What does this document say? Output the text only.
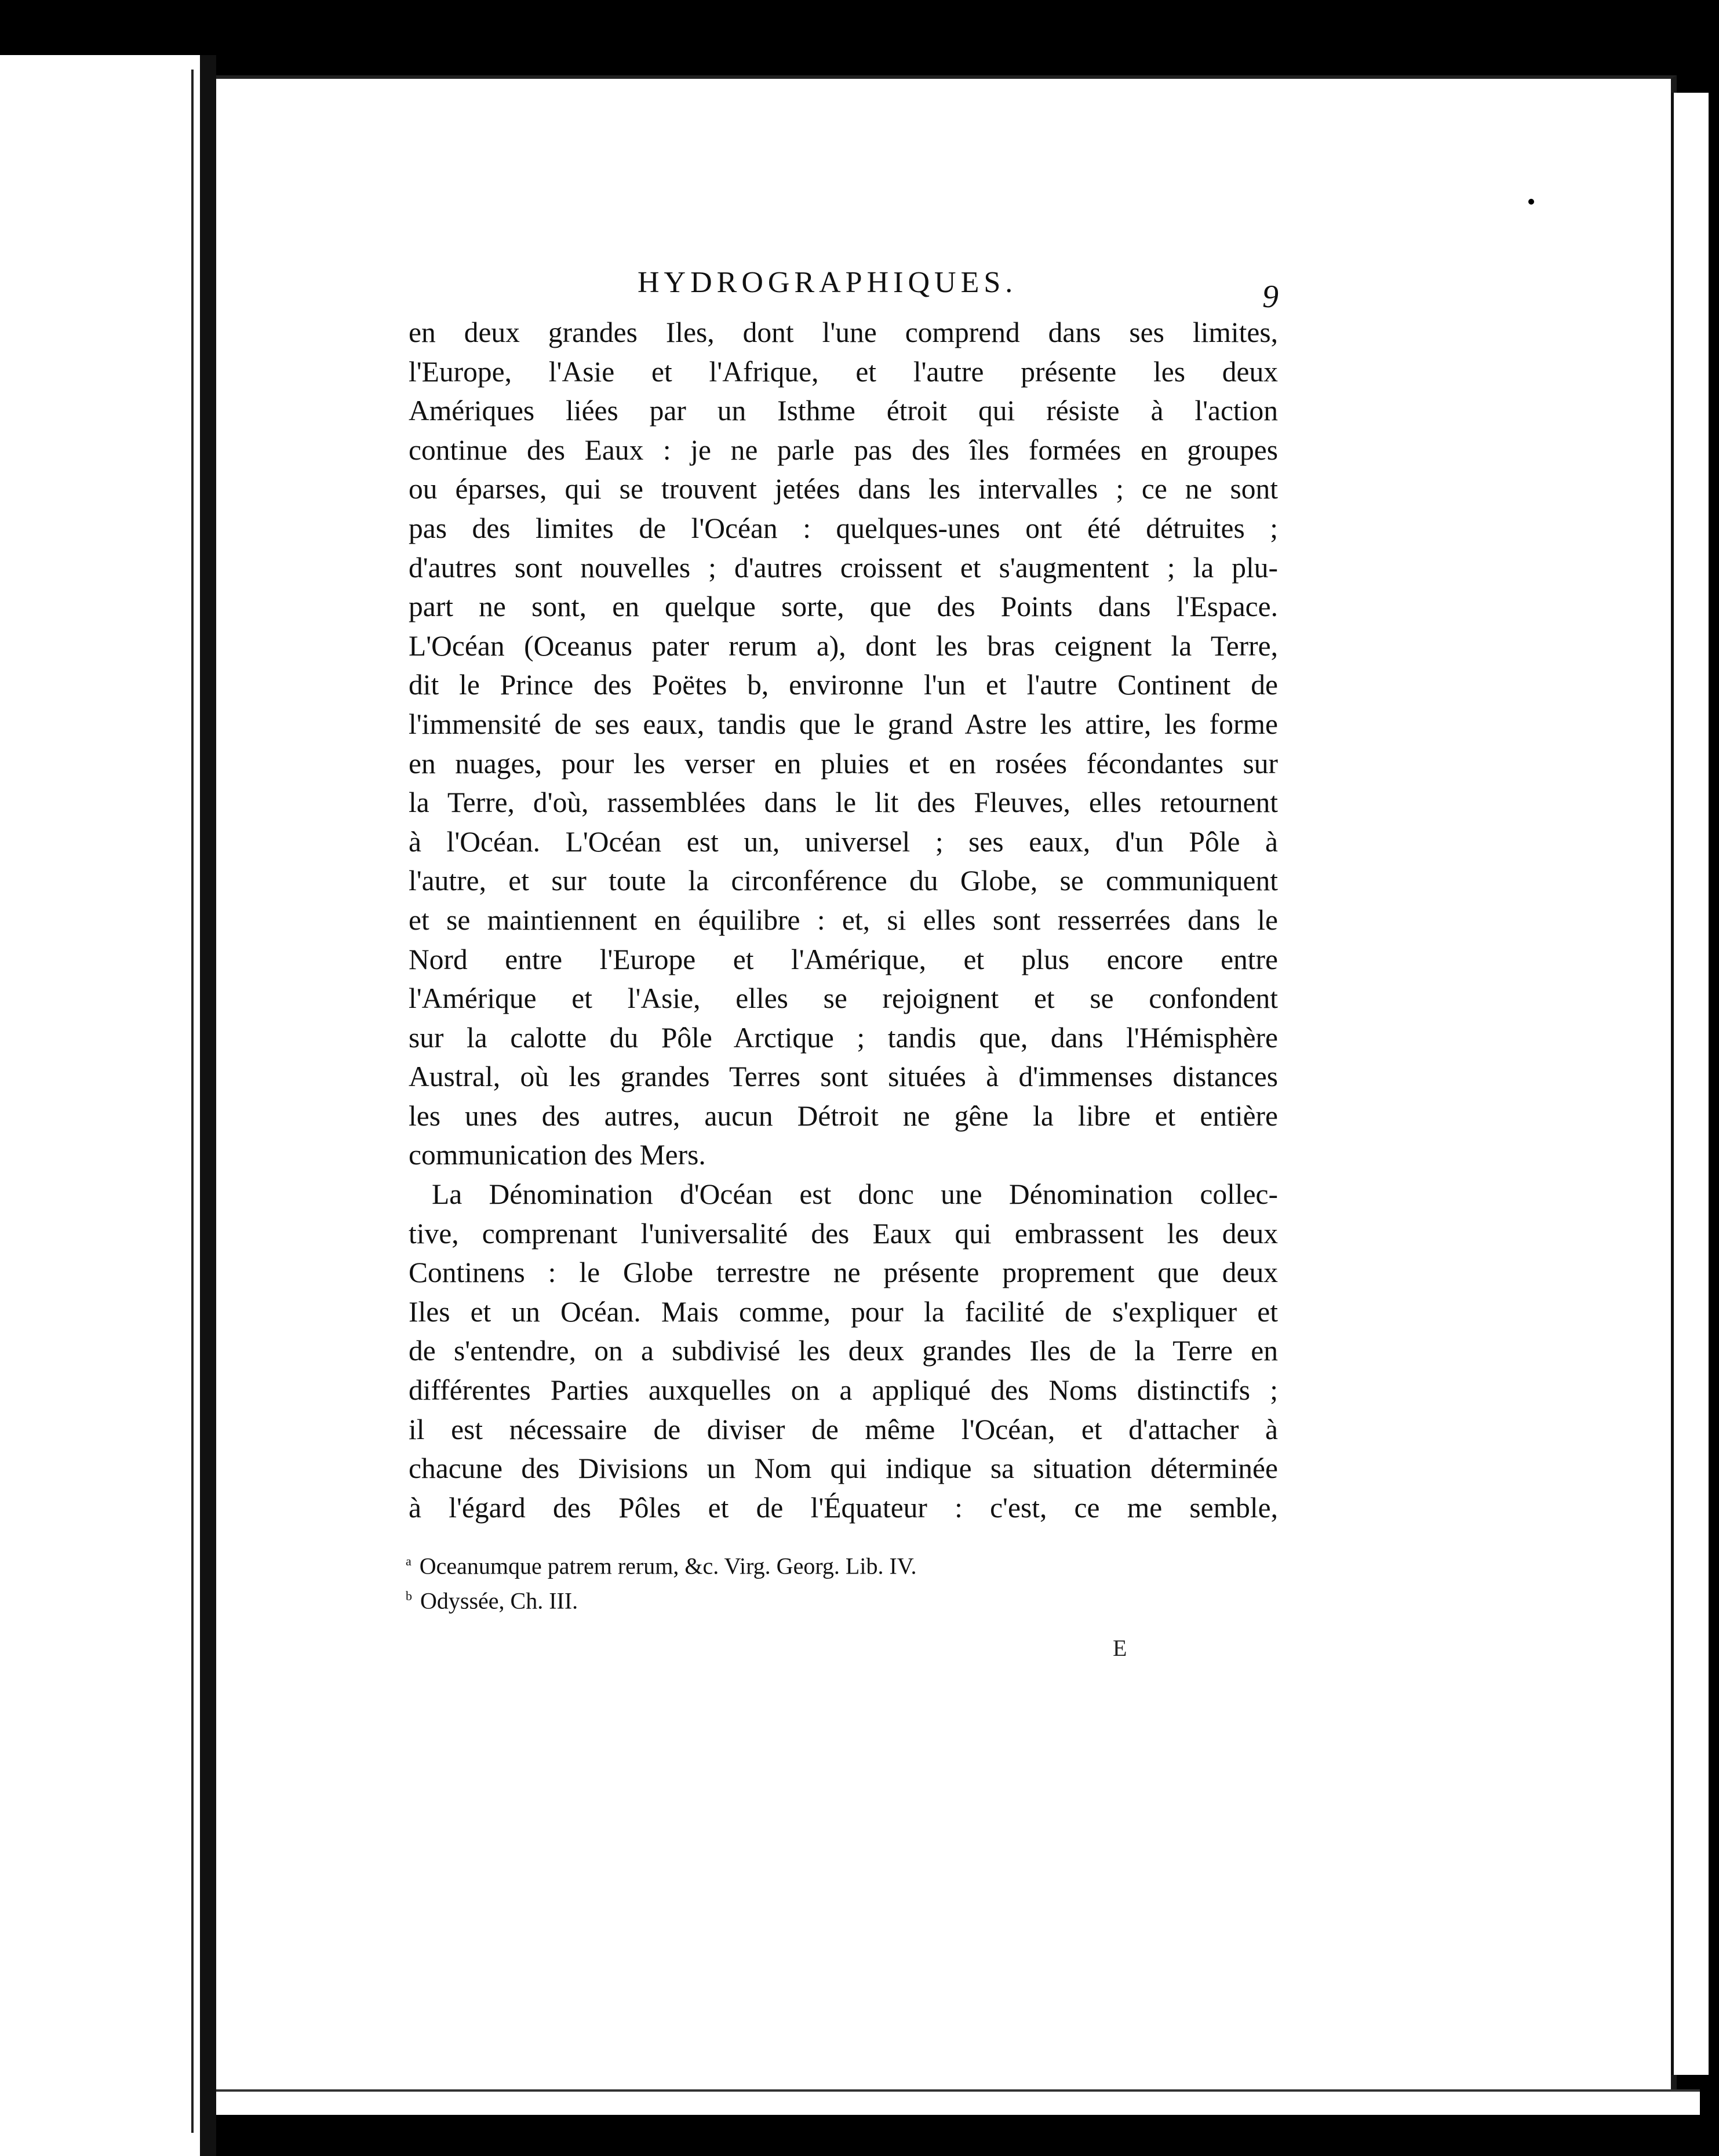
HYDROGRAPHIQUES.	9
en deux grandes Iles, dont l'une comprend dans ses limites,
l'Europe, l'Asie et l'Afrique, et l'autre présente les deux
Amériques liées par un Isthme étroit qui résiste à l'action
continue des Eaux : je ne parle pas des îles formées en groupes
ou éparses, qui se trouvent jetées dans les intervalles ; ce ne sont
pas des limites de l'Océan : quelques-unes ont été détruites ;
d'autres sont nouvelles ; d'autres croissent et s'augmentent ; la plu-
part ne sont, en quelque sorte, que des Points dans l'Espace.
L'Océan (Oceanus pater rerum a), dont les bras ceignent la Terre,
dit le Prince des Poëtes b, environne l'un et l'autre Continent de
l'immensité de ses eaux, tandis que le grand Astre les attire, les forme
en nuages, pour les verser en pluies et en rosées fécondantes sur
la Terre, d'où, rassemblées dans le lit des Fleuves, elles retournent
à l'Océan. L'Océan est un, universel ; ses eaux, d'un Pôle à
l'autre, et sur toute la circonférence du Globe, se communiquent
et se maintiennent en équilibre : et, si elles sont resserrées dans le
Nord entre l'Europe et l'Amérique, et plus encore entre
l'Amérique et l'Asie, elles se rejoignent et se confondent
sur la calotte du Pôle Arctique ; tandis que, dans l'Hémisphère
Austral, où les grandes Terres sont situées à d'immenses distances
les unes des autres, aucun Détroit ne gêne la libre et entière
communication des Mers.
La Dénomination d'Océan est donc une Dénomination collec-
tive, comprenant l'universalité des Eaux qui embrassent les deux
Continens : le Globe terrestre ne présente proprement que deux
Iles et un Océan. Mais comme, pour la facilité de s'expliquer et
de s'entendre, on a subdivisé les deux grandes Iles de la Terre en
différentes Parties auxquelles on a appliqué des Noms distinctifs ;
il est nécessaire de diviser de même l'Océan, et d'attacher à
chacune des Divisions un Nom qui indique sa situation déterminée
à l'égard des Pôles et de l'Équateur : c'est, ce me semble,
$^a$ Oceanumque patrem rerum, &c. Virg. Georg. Lib. IV.
$^b$ Odyssée, Ch. III.
E
